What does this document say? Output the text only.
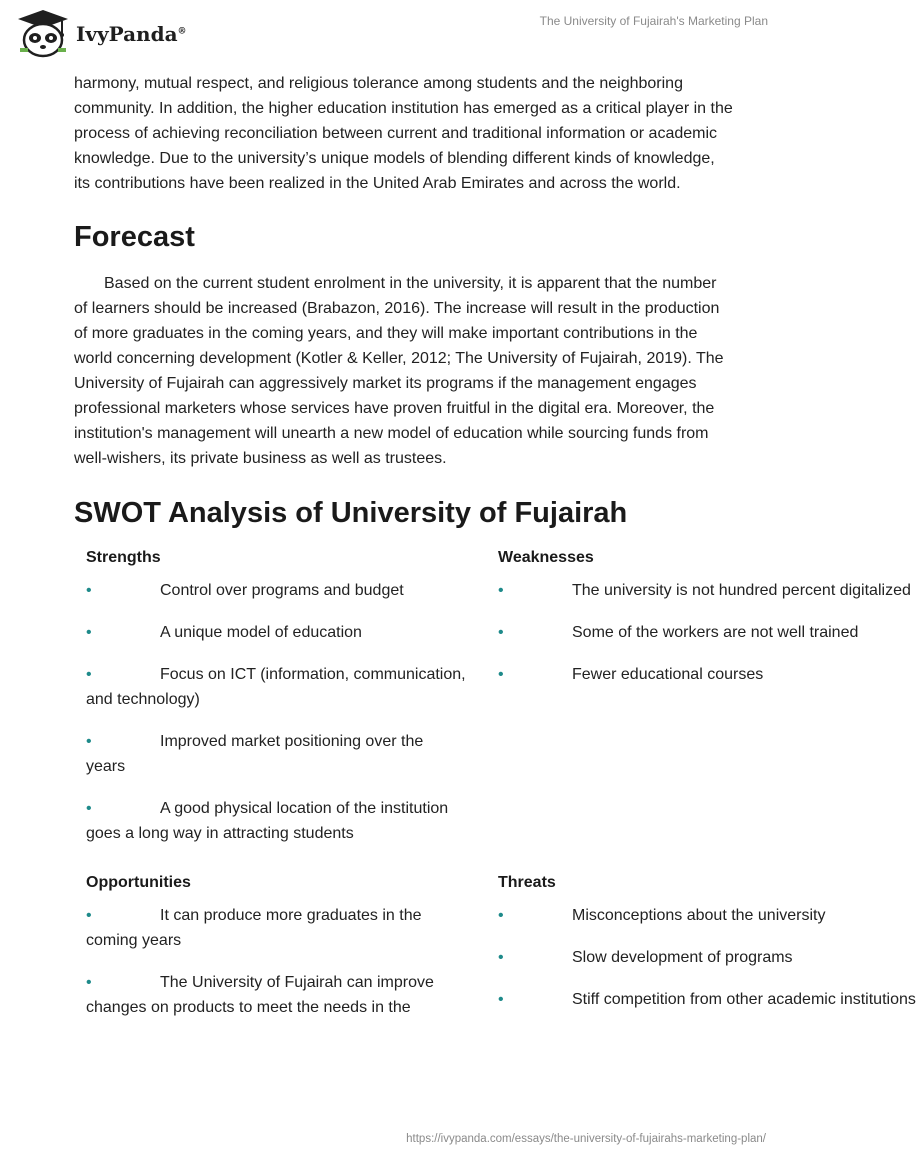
IvyPanda®
The University of Fujairah's Marketing Plan

harmony, mutual respect, and religious tolerance among students and the neighboring community. In addition, the higher education institution has emerged as a critical player in the process of achieving reconciliation between current and traditional information or academic knowledge. Due to the university’s unique models of blending different kinds of knowledge, its contributions have been realized in the United Arab Emirates and across the world.

Forecast

Based on the current student enrolment in the university, it is apparent that the number of learners should be increased (Brabazon, 2016). The increase will result in the production of more graduates in the coming years, and they will make important contributions in the world concerning development (Kotler & Keller, 2012; The University of Fujairah, 2019). The University of Fujairah can aggressively market its programs if the management engages professional marketers whose services have proven fruitful in the digital era. Moreover, the institution's management will unearth a new model of education while sourcing funds from well-wishers, its private business as well as trustees.

SWOT Analysis of University of Fujairah
Strengths
•	Control over programs and budget
•	A unique model of education
•	Focus on ICT (information, communication, and technology)
•	Improved market positioning over the years
•	A good physical location of the institution goes a long way in attracting students
Weaknesses
•	The university is not hundred percent digitalized
•	Some of the workers are not well trained
•	Fewer educational courses
Opportunities
•	It can produce more graduates in the coming years
•	The University of Fujairah can improve changes on products to meet the needs in the
Threats
•	Misconceptions about the university
•	Slow development of programs
•	Stiff competition from other academic institutions
https://ivypanda.com/essays/the-university-of-fujairahs-marketing-plan/
